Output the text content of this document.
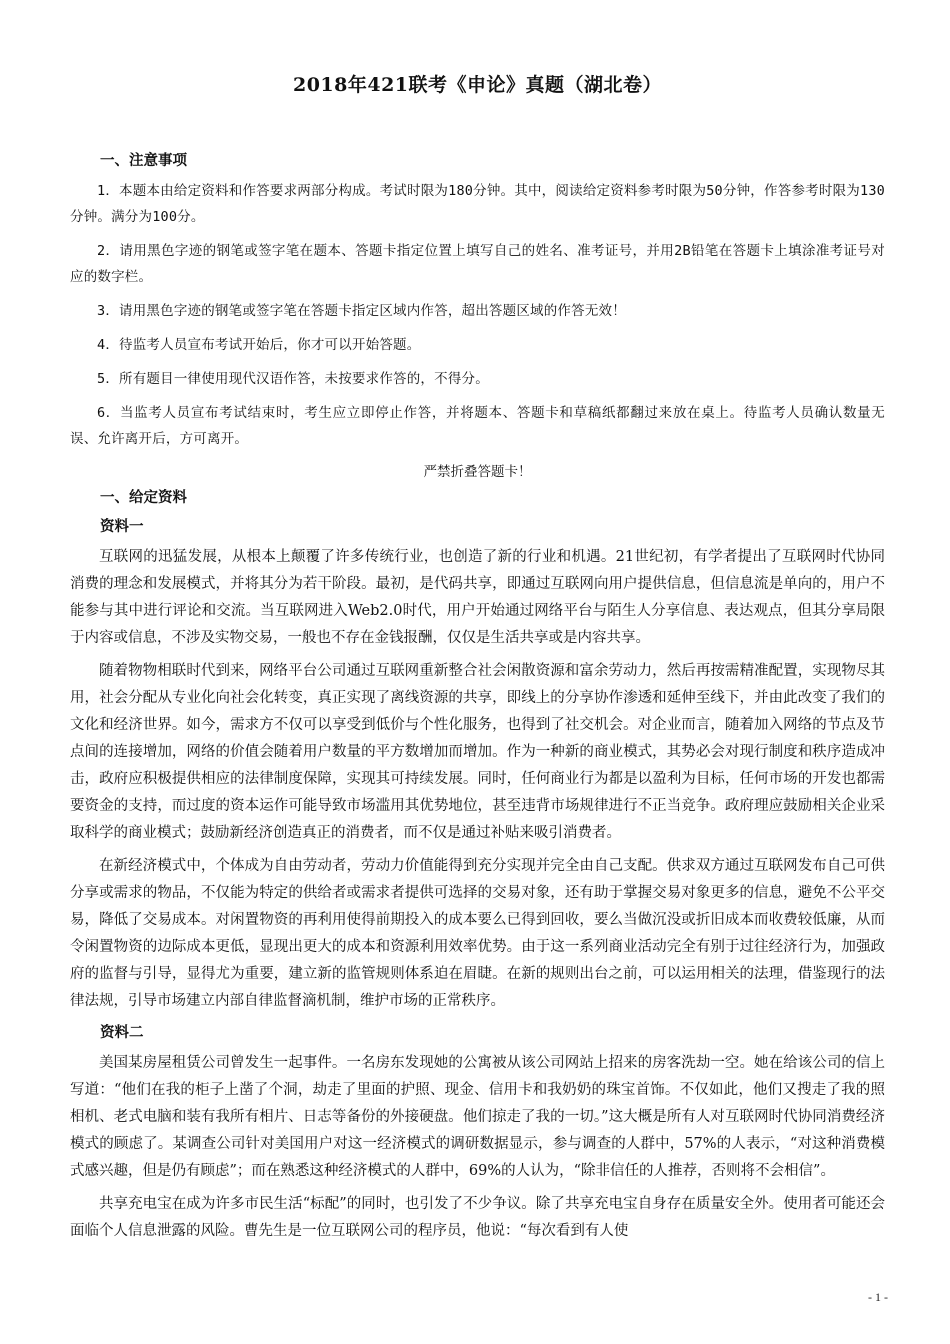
2018年421联考《申论》真题（湖北卷）
一、注意事项

1．本题本由给定资料和作答要求两部分构成。考试时限为180分钟。其中，阅读给定资料参考时限为50分钟，作答参考时限为130分钟。满分为100分。

2．请用黑色字迹的钢笔或签字笔在题本、答题卡指定位置上填写自己的姓名、准考证号，并用2B铅笔在答题卡上填涂准考证号对应的数字栏。

3．请用黑色字迹的钢笔或签字笔在答题卡指定区域内作答，超出答题区域的作答无效！

4．待监考人员宣布考试开始后，你才可以开始答题。

5．所有题目一律使用现代汉语作答，未按要求作答的，不得分。

6．当监考人员宣布考试结束时，考生应立即停止作答，并将题本、答题卡和草稿纸都翻过来放在桌上。待监考人员确认数量无误、允许离开后，方可离开。

严禁折叠答题卡！
一、给定资料
资料一

互联网的迅猛发展，从根本上颠覆了许多传统行业，也创造了新的行业和机遇。21世纪初，有学者提出了互联网时代协同消费的理念和发展模式，并将其分为若干阶段。最初，是代码共享，即通过互联网向用户提供信息，但信息流是单向的，用户不能参与其中进行评论和交流。当互联网进入Web2.0时代，用户开始通过网络平台与陌生人分享信息、表达观点，但其分享局限于内容或信息，不涉及实物交易，一般也不存在金钱报酬，仅仅是生活共享或是内容共享。

随着物物相联时代到来，网络平台公司通过互联网重新整合社会闲散资源和富余劳动力，然后再按需精准配置，实现物尽其用，社会分配从专业化向社会化转变，真正实现了离线资源的共享，即线上的分享协作渗透和延伸至线下，并由此改变了我们的文化和经济世界。如今，需求方不仅可以享受到低价与个性化服务，也得到了社交机会。对企业而言，随着加入网络的节点及节点间的连接增加，网络的价值会随着用户数量的平方数增加而增加。作为一种新的商业模式，其势必会对现行制度和秩序造成冲击，政府应积极提供相应的法律制度保障，实现其可持续发展。同时，任何商业行为都是以盈利为目标，任何市场的开发也都需要资金的支持，而过度的资本运作可能导致市场滥用其优势地位，甚至违背市场规律进行不正当竞争。政府理应鼓励相关企业采取科学的商业模式；鼓励新经济创造真正的消费者，而不仅是通过补贴来吸引消费者。

在新经济模式中，个体成为自由劳动者，劳动力价值能得到充分实现并完全由自己支配。供求双方通过互联网发布自己可供分享或需求的物品，不仅能为特定的供给者或需求者提供可选择的交易对象，还有助于掌握交易对象更多的信息，避免不公平交易，降低了交易成本。对闲置物资的再利用使得前期投入的成本要么已得到回收，要么当做沉没或折旧成本而收费较低廉，从而令闲置物资的边际成本更低，显现出更大的成本和资源利用效率优势。由于这一系列商业活动完全有别于过往经济行为，加强政府的监督与引导，显得尤为重要，建立新的监管规则体系迫在眉睫。在新的规则出台之前，可以运用相关的法理，借鉴现行的法律法规，引导市场建立内部自律监督滴机制，维护市场的正常秩序。

资料二

美国某房屋租赁公司曾发生一起事件。一名房东发现她的公寓被从该公司网站上招来的房客洗劫一空。她在给该公司的信上写道：“他们在我的柜子上凿了个洞，劫走了里面的护照、现金、信用卡和我奶奶的珠宝首饰。不仅如此，他们又搜走了我的照相机、老式电脑和装有我所有相片、日志等备份的外接硬盘。他们掠走了我的一切。”这大概是所有人对互联网时代协同消费经济模式的顾虑了。某调查公司针对美国用户对这一经济模式的调研数据显示，参与调查的人群中，57%的人表示，“对这种消费模式感兴趣，但是仍有顾虑”；而在熟悉这种经济模式的人群中，69%的人认为，“除非信任的人推荐，否则将不会相信”。

共享充电宝在成为许多市民生活“标配”的同时，也引发了不少争议。除了共享充电宝自身存在质量安全外。使用者可能还会面临个人信息泄露的风险。曹先生是一位互联网公司的程序员，他说：“每次看到有人使

- 1 -
